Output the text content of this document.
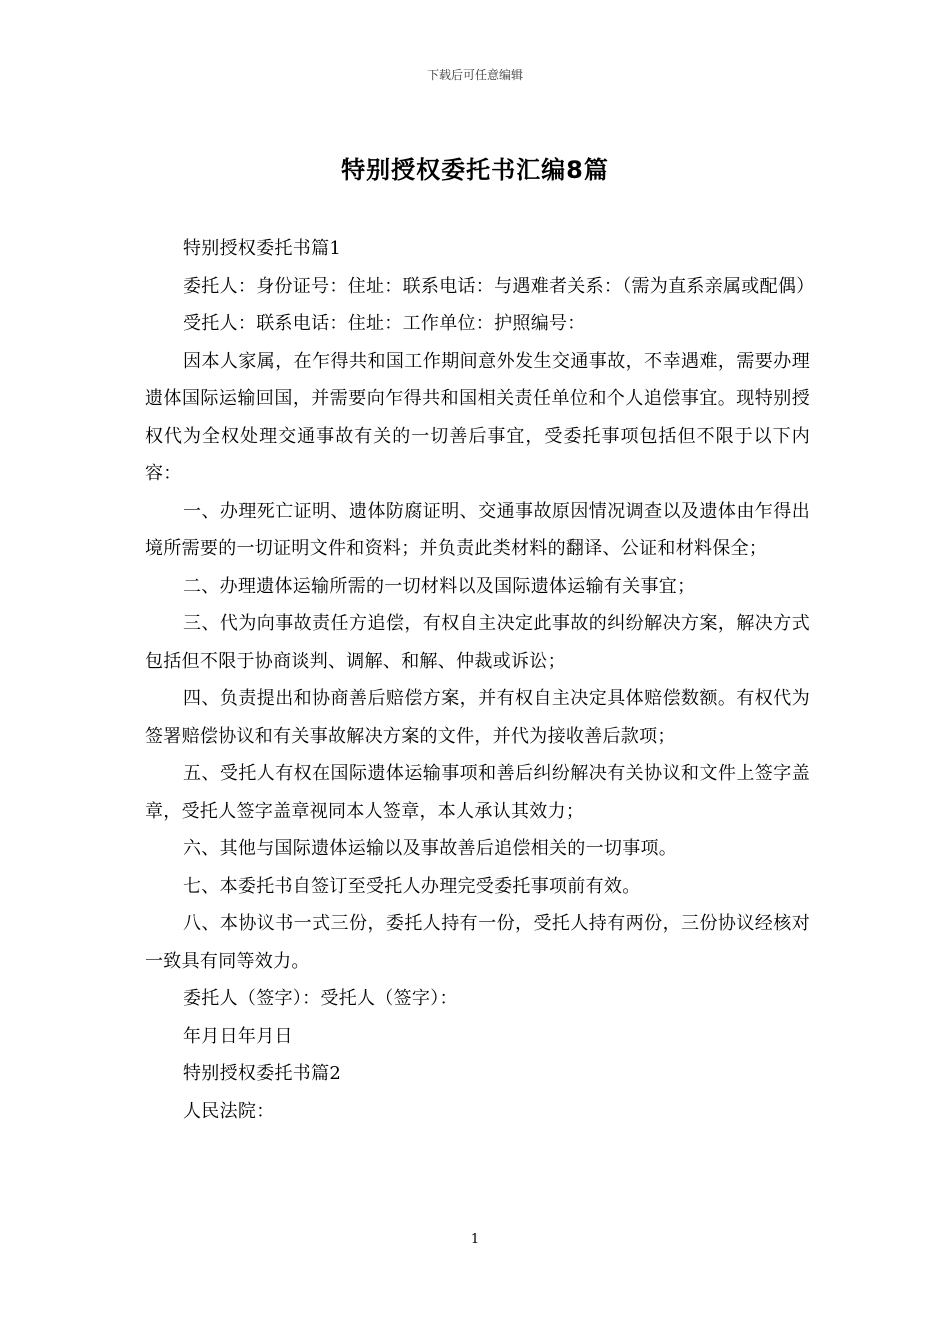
下载后可任意编辑
特别授权委托书汇编8篇

特别授权委托书篇1

委托人：身份证号：住址：联系电话：与遇难者关系：（需为直系亲属或配偶）

受托人：联系电话：住址：工作单位：护照编号：

因本人家属，在乍得共和国工作期间意外发生交通事故，不幸遇难，需要办理遗体国际运输回国，并需要向乍得共和国相关责任单位和个人追偿事宜。现特别授权代为全权处理交通事故有关的一切善后事宜，受委托事项包括但不限于以下内容：

一、办理死亡证明、遗体防腐证明、交通事故原因情况调查以及遗体由乍得出境所需要的一切证明文件和资料；并负责此类材料的翻译、公证和材料保全；

二、办理遗体运输所需的一切材料以及国际遗体运输有关事宜；

三、代为向事故责任方追偿，有权自主决定此事故的纠纷解决方案，解决方式包括但不限于协商谈判、调解、和解、仲裁或诉讼；

四、负责提出和协商善后赔偿方案，并有权自主决定具体赔偿数额。有权代为签署赔偿协议和有关事故解决方案的文件，并代为接收善后款项；

五、受托人有权在国际遗体运输事项和善后纠纷解决有关协议和文件上签字盖章，受托人签字盖章视同本人签章，本人承认其效力；

六、其他与国际遗体运输以及事故善后追偿相关的一切事项。

七、本委托书自签订至受托人办理完受委托事项前有效。

八、本协议书一式三份，委托人持有一份，受托人持有两份，三份协议经核对一致具有同等效力。

委托人（签字）：受托人（签字）：

年月日年月日

特别授权委托书篇2

人民法院：

1
